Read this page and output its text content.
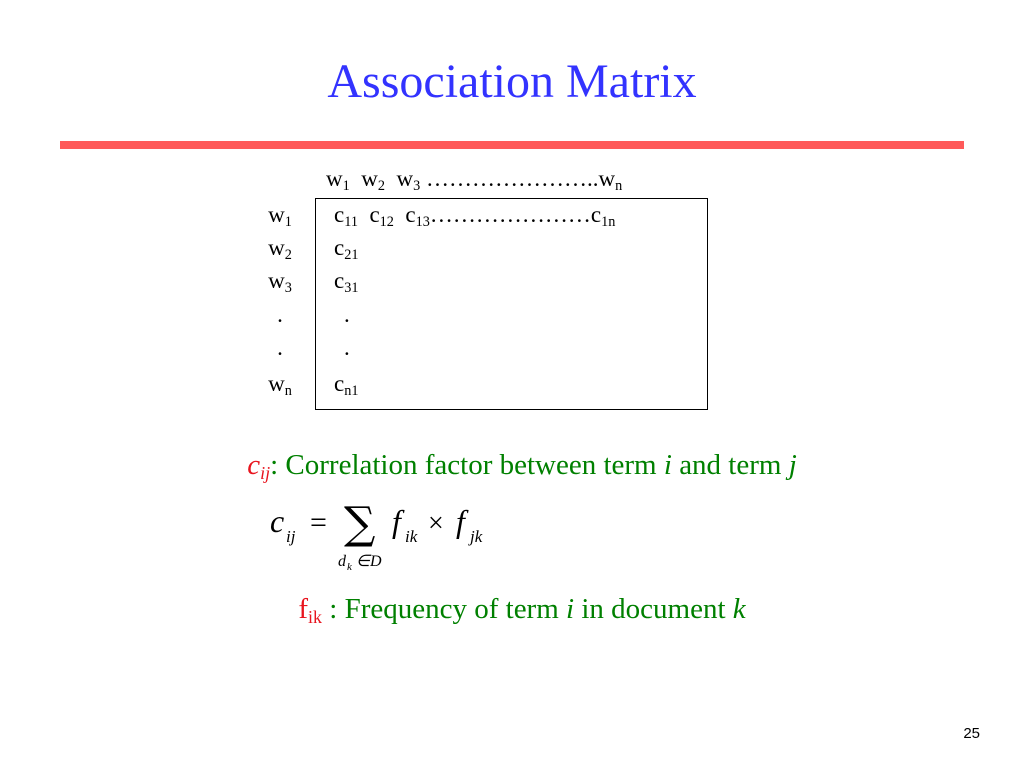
Association Matrix
$w_1$ $w_2$ $w_3$ $\dots\dots\dots\dots\dots\dots\dots..w_n$
$w_1$
$w_2$
$w_3$
.
.
$w_n$
$c_{11}$ $c_{12}$ $c_{13}\dots\dots\dots\dots\dots\dots\dots c_{1n}$
$c_{21}$
$c_{31}$
.
.
$c_{n1}$
$c_{ij}$: Correlation factor between term i and term j
c ij = ∑
d k ∈D
f ik × f jk
$f_{ik}$ : Frequency of term i in document k
25
